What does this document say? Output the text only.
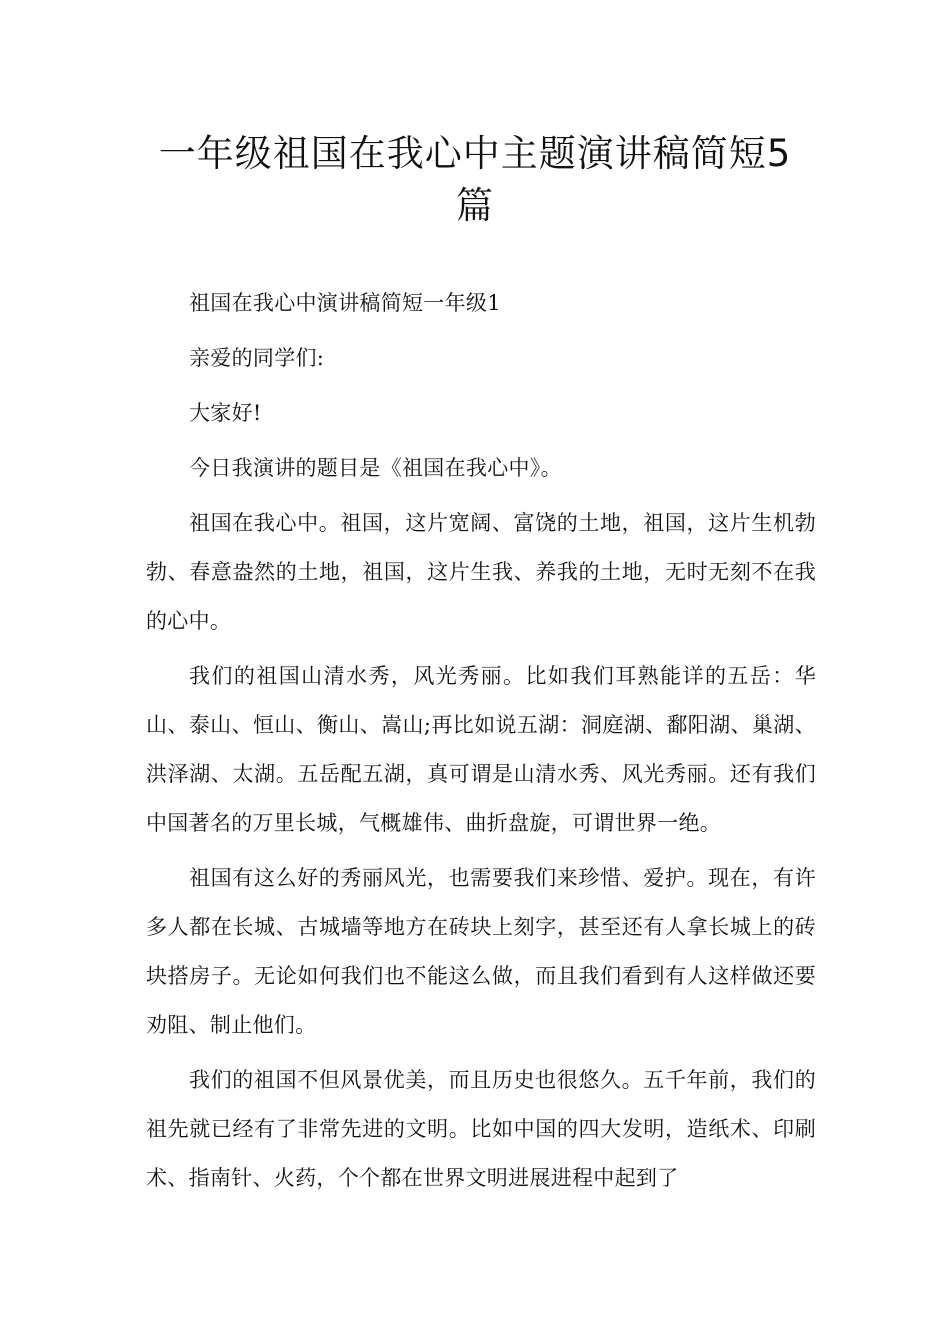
一年级祖国在我心中主题演讲稿简短5篇

祖国在我心中演讲稿简短一年级1

亲爱的同学们:

大家好!

今日我演讲的题目是《祖国在我心中》。

祖国在我心中。祖国，这片宽阔、富饶的土地，祖国，这片生机勃勃、春意盎然的土地，祖国，这片生我、养我的土地，无时无刻不在我的心中。

我们的祖国山清水秀，风光秀丽。比如我们耳熟能详的五岳：华山、泰山、恒山、衡山、嵩山;再比如说五湖：洞庭湖、鄱阳湖、巢湖、洪泽湖、太湖。五岳配五湖，真可谓是山清水秀、风光秀丽。还有我们中国著名的万里长城，气概雄伟、曲折盘旋，可谓世界一绝。

祖国有这么好的秀丽风光，也需要我们来珍惜、爱护。现在，有许多人都在长城、古城墙等地方在砖块上刻字，甚至还有人拿长城上的砖块搭房子。无论如何我们也不能这么做，而且我们看到有人这样做还要劝阻、制止他们。

我们的祖国不但风景优美，而且历史也很悠久。五千年前，我们的祖先就已经有了非常先进的文明。比如中国的四大发明，造纸术、印刷术、指南针、火药，个个都在世界文明进展进程中起到了
